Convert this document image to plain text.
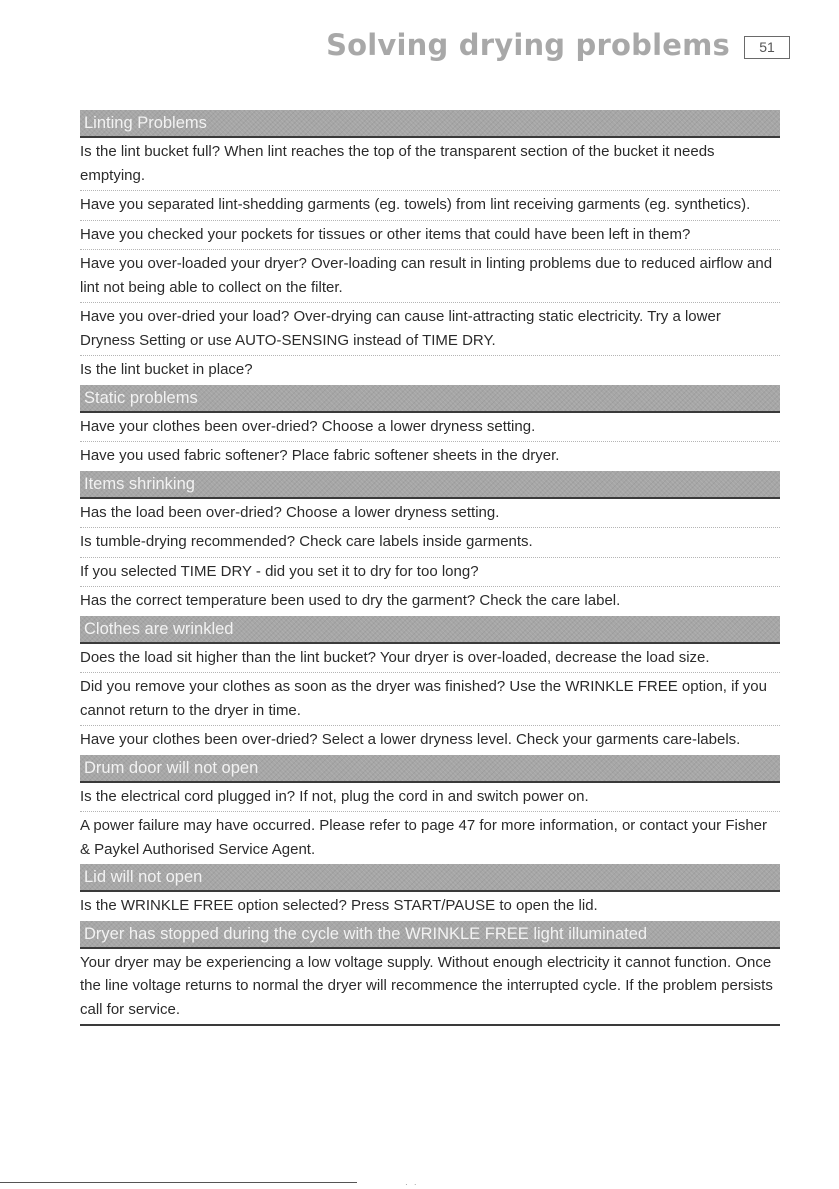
Solving drying problems	51
Linting Problems
Is the lint bucket full? When lint reaches the top of the transparent section of the bucket it needs emptying.
Have you separated lint-shedding garments (eg. towels) from lint receiving garments (eg. synthetics).
Have you checked your pockets for tissues or other items that could have been left in them?
Have you over-loaded your dryer? Over-loading can result in linting problems due to reduced airflow and lint not being able to collect on the filter.
Have you over-dried your load? Over-drying can cause lint-attracting static electricity. Try a lower Dryness Setting or use AUTO-SENSING instead of TIME DRY.
Is the lint bucket in place?
Static problems
Have your clothes been over-dried? Choose a lower dryness setting.
Have you used fabric softener? Place fabric softener sheets in the dryer.
Items shrinking
Has the load been over-dried? Choose a lower dryness setting.
Is tumble-drying recommended? Check care labels inside garments.
If you selected TIME DRY - did you set it to dry for too long?
Has the correct temperature been used to dry the garment? Check the care label.
Clothes are wrinkled
Does the load sit higher than the lint bucket? Your dryer is over-loaded, decrease the load size.
Did you remove your clothes as soon as the dryer was finished? Use the WRINKLE FREE option, if you cannot return to the dryer in time.
Have your clothes been over-dried? Select a lower dryness level. Check your garments care-labels.
Drum door will not open
Is the electrical cord plugged in? If not, plug the cord in and switch power on.
A power failure may have occurred. Please refer to page 47 for more information, or contact your Fisher & Paykel Authorised Service Agent.
Lid will not open
Is the WRINKLE FREE option selected? Press START/PAUSE to open the lid.
Dryer has stopped during the cycle with the WRINKLE FREE light illuminated
Your dryer may be experiencing a low voltage supply. Without enough electricity it cannot function. Once the line voltage returns to normal the dryer will recommence the interrupted cycle. If the problem persists call for service.
· ·
